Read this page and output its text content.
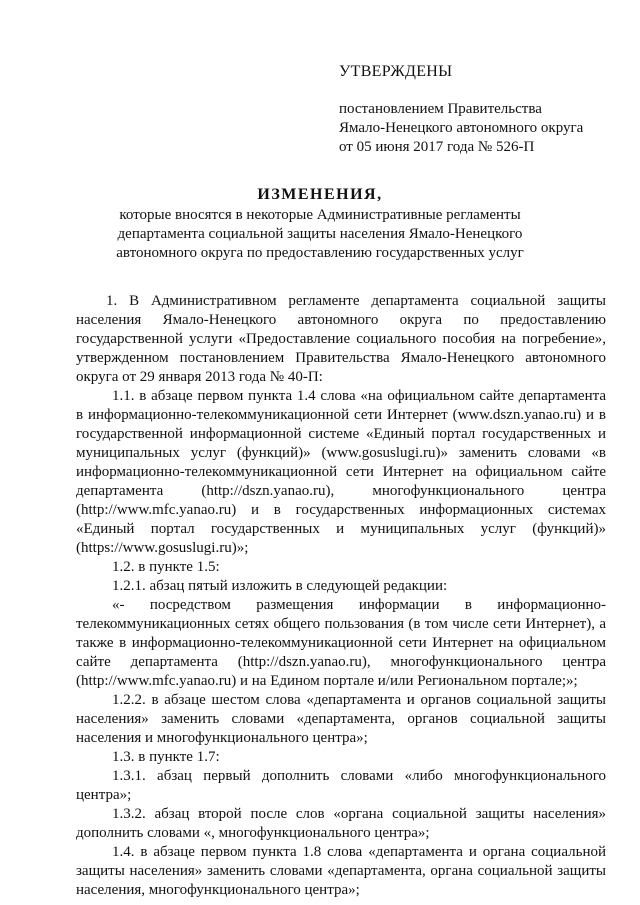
УТВЕРЖДЕНЫ
постановлением Правительства
Ямало-Ненецкого автономного округа
от 05 июня 2017 года № 526-П
ИЗМЕНЕНИЯ,
которые вносятся в некоторые Административные регламенты
департамента социальной защиты населения Ямало-Ненецкого
автономного округа по предоставлению государственных услуг

1. В Административном регламенте департамента социальной защиты населения Ямало-Ненецкого автономного округа по предоставлению государственной услуги «Предоставление социального пособия на погребение», утвержденном постановлением Правительства Ямало-Ненецкого автономного округа от 29 января 2013 года № 40-П:

1.1. в абзаце первом пункта 1.4 слова «на официальном сайте департамента в информационно-телекоммуникационной сети Интернет (www.dszn.yanao.ru) и в государственной информационной системе «Единый портал государственных и муниципальных услуг (функций)» (www.gosuslugi.ru)» заменить словами «в информационно-телекоммуникационной сети Интернет на официальном сайте департамента (http://dszn.yanao.ru), многофункционального центра (http://www.mfc.yanao.ru) и в государственных информационных системах «Единый портал государственных и муниципальных услуг (функций)» (https://www.gosuslugi.ru)»;

1.2. в пункте 1.5:

1.2.1. абзац пятый изложить в следующей редакции:

«- посредством размещения информации в информационно-телекоммуникационных сетях общего пользования (в том числе сети Интернет), а также в информационно-телекоммуникационной сети Интернет на официальном сайте департамента (http://dszn.yanao.ru), многофункционального центра (http://www.mfc.yanao.ru) и на Едином портале и/или Региональном портале;»;

1.2.2. в абзаце шестом слова «департамента и органов социальной защиты населения» заменить словами «департамента, органов социальной защиты населения и многофункционального центра»;

1.3. в пункте 1.7:

1.3.1. абзац первый дополнить словами «либо многофункционального центра»;

1.3.2. абзац второй после слов «органа социальной защиты населения» дополнить словами «, многофункционального центра»;

1.4. в абзаце первом пункта 1.8 слова «департамента и органа социальной защиты населения» заменить словами «департамента, органа социальной защиты населения, многофункционального центра»;
